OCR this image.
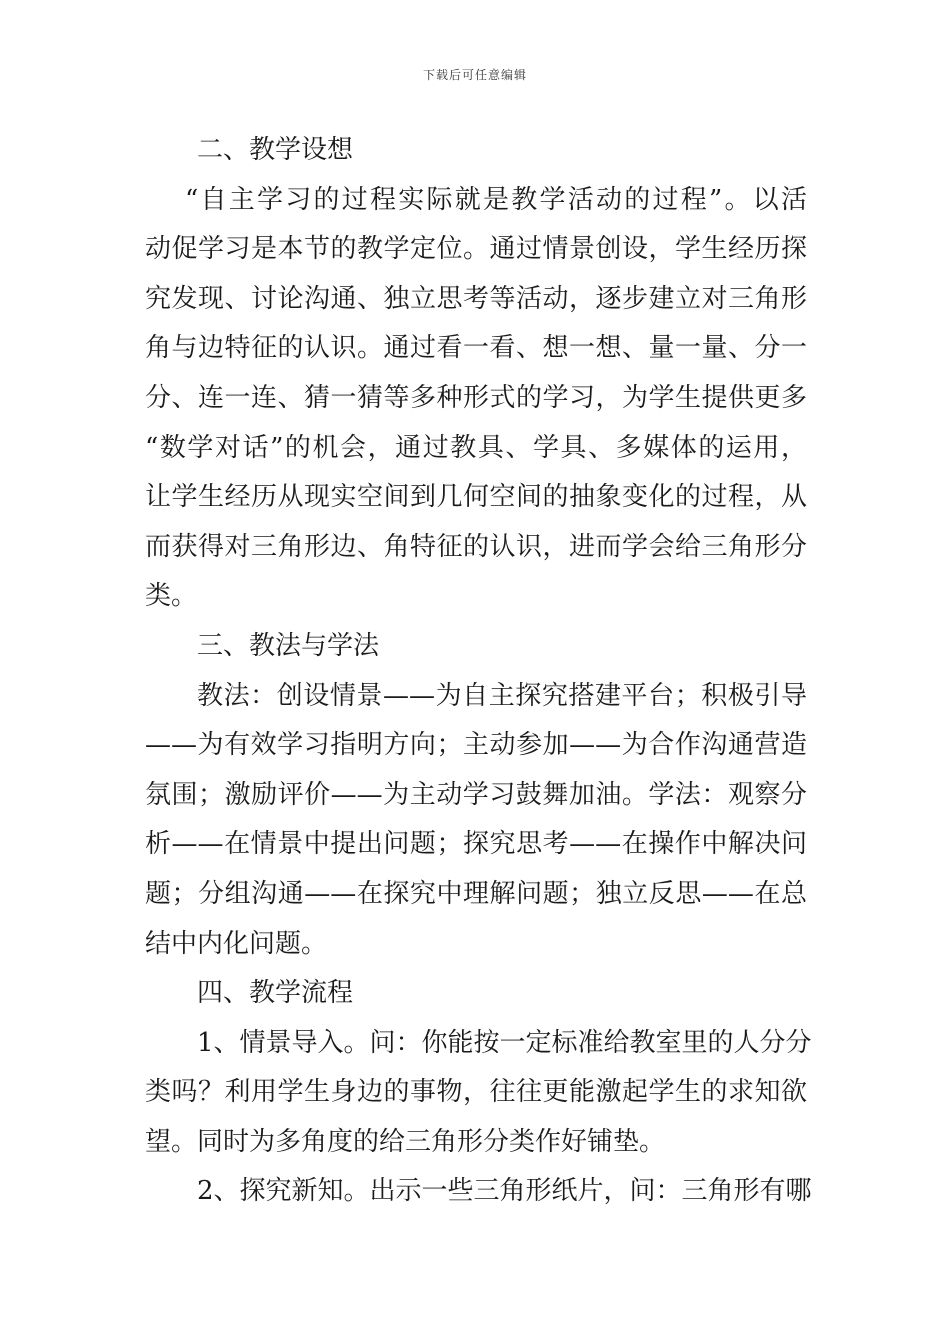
下载后可任意编辑
二、教学设想
“自主学习的过程实际就是教学活动的过程”。以活
动促学习是本节的教学定位。通过情景创设，学生经历探
究发现、讨论沟通、独立思考等活动，逐步建立对三角形
角与边特征的认识。通过看一看、想一想、量一量、分一
分、连一连、猜一猜等多种形式的学习，为学生提供更多
“数学对话”的机会，通过教具、学具、多媒体的运用，
让学生经历从现实空间到几何空间的抽象变化的过程，从
而获得对三角形边、角特征的认识，进而学会给三角形分
类。
三、教法与学法
教法：创设情景——为自主探究搭建平台；积极引导
——为有效学习指明方向；主动参加——为合作沟通营造
氛围；激励评价——为主动学习鼓舞加油。学法：观察分
析——在情景中提出问题；探究思考——在操作中解决问
题；分组沟通——在探究中理解问题；独立反思——在总
结中内化问题。
四、教学流程
1、情景导入。问：你能按一定标准给教室里的人分分
类吗？利用学生身边的事物，往往更能激起学生的求知欲
望。同时为多角度的给三角形分类作好铺垫。
2、探究新知。出示一些三角形纸片，问：三角形有哪
